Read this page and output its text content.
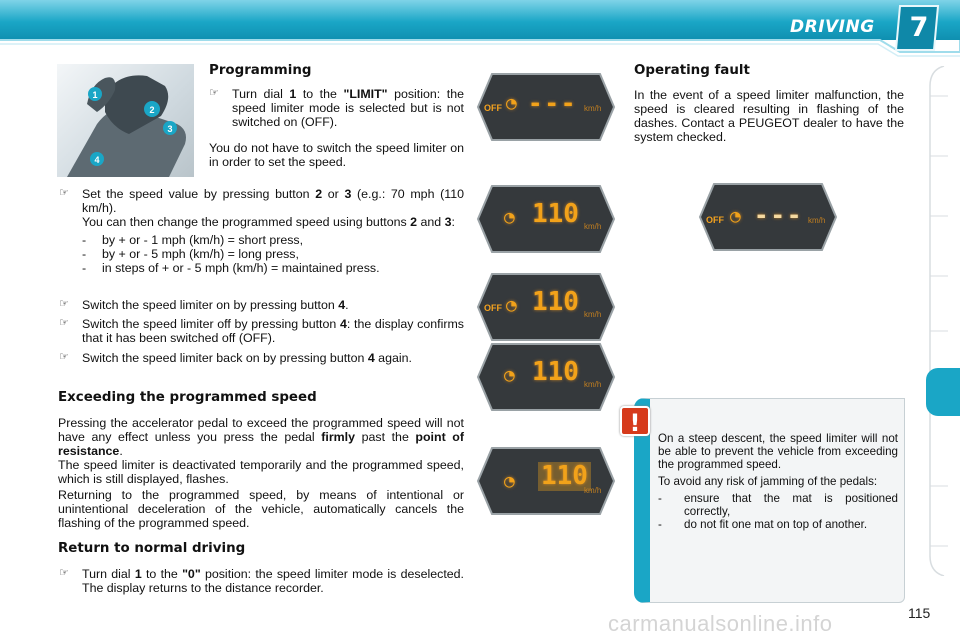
DRIVING 7
1
2
3
4
Programming
☞ Turn dial 1 to the "LIMIT" position: the speed limiter mode is selected but is not switched on (OFF).

You do not have to switch the speed limiter on in order to set the speed.

☞ Set the speed value by pressing button 2 or 3 (e.g.: 70 mph (110 km/h).

You can then change the programmed speed using buttons 2 and 3:

- by + or - 1 mph (km/h) = short press,
- by + or - 5 mph (km/h) = long press,
- in steps of + or - 5 mph (km/h) = maintained press.
☞ Switch the speed limiter on by pressing button 4.
☞ Switch the speed limiter off by pressing button 4: the display confirms that it has been switched off (OFF).
☞ Switch the speed limiter back on by pressing button 4 again.
Exceeding the programmed speed

Pressing the accelerator pedal to exceed the programmed speed will not have any effect unless you press the pedal firmly past the point of resistance.

The speed limiter is deactivated temporarily and the programmed speed, which is still displayed, flashes.

Returning to the programmed speed, by means of intentional or unintentional deceleration of the vehicle, automatically cancels the flashing of the programmed speed.

Return to normal driving
☞ Turn dial 1 to the "0" position: the speed limiter mode is deselected. The display returns to the distance recorder.
Operating fault

In the event of a speed limiter malfunction, the speed is cleared resulting in flashing of the dashes. Contact a PEUGEOT dealer to have the system checked.

OFF ◔ --- km/h
◔ 110 km/h
OFF ◔ 110 km/h
◔ 110 km/h
◔ 110
km/h
OFF ◔ --- km/h
!

On a steep descent, the speed limiter will not be able to prevent the vehicle from exceeding the programmed speed.

To avoid any risk of jamming of the pedals:

- ensure that the mat is positioned correctly,
- do not fit one mat on top of another.
carmanualsonline.info	115
